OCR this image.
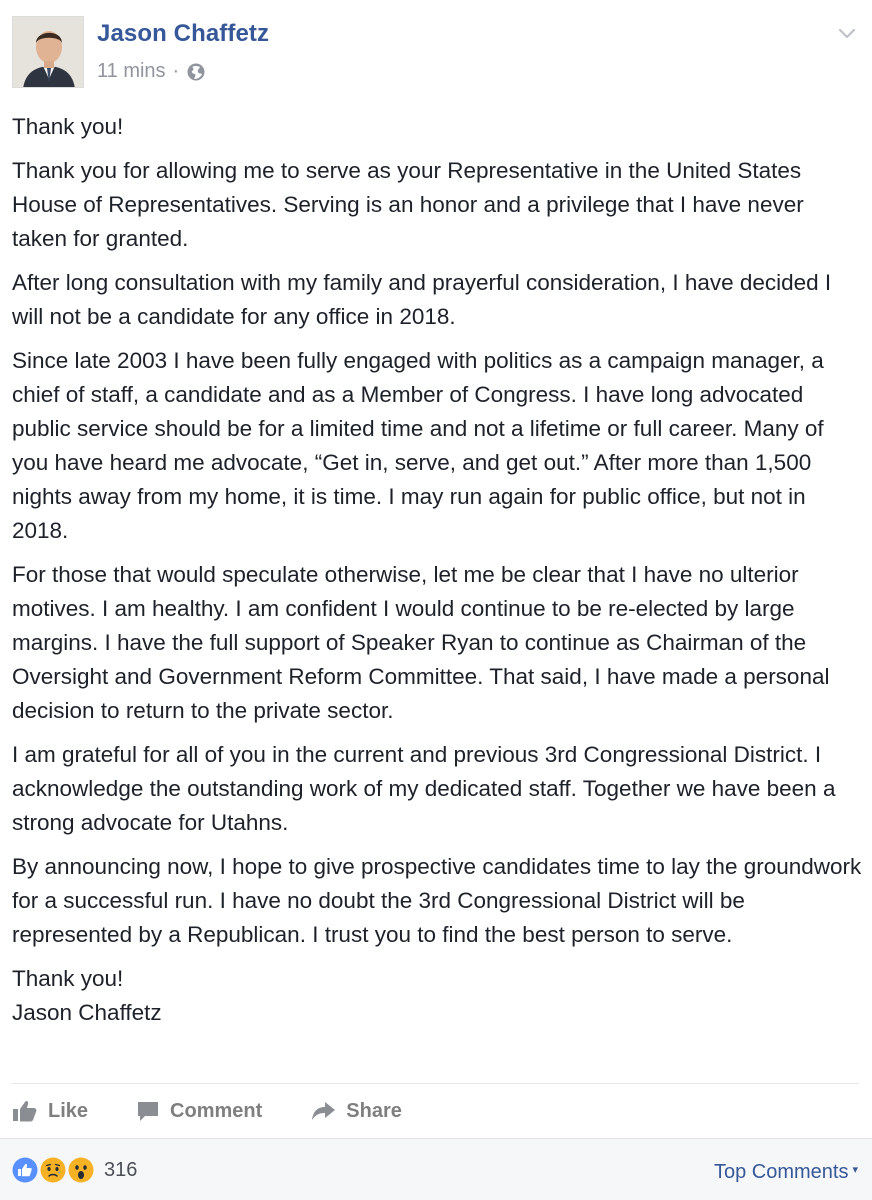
Jason Chaffetz
11 mins ·

Thank you!

Thank you for allowing me to serve as your Representative in the United States House of Representatives. Serving is an honor and a privilege that I have never taken for granted.

After long consultation with my family and prayerful consideration, I have decided I will not be a candidate for any office in 2018.

Since late 2003 I have been fully engaged with politics as a campaign manager, a chief of staff, a candidate and as a Member of Congress. I have long advocated public service should be for a limited time and not a lifetime or full career. Many of you have heard me advocate, “Get in, serve, and get out.” After more than 1,500 nights away from my home, it is time. I may run again for public office, but not in 2018.

For those that would speculate otherwise, let me be clear that I have no ulterior motives. I am healthy. I am confident I would continue to be re-elected by large margins. I have the full support of Speaker Ryan to continue as Chairman of the Oversight and Government Reform Committee. That said, I have made a personal decision to return to the private sector.

I am grateful for all of you in the current and previous 3rd Congressional District. I acknowledge the outstanding work of my dedicated staff. Together we have been a strong advocate for Utahns.

By announcing now, I hope to give prospective candidates time to lay the groundwork for a successful run. I have no doubt the 3rd Congressional District will be represented by a Republican. I trust you to find the best person to serve.

Thank you!
Jason Chaffetz

Like	Comment	Share
316	Top Comments ▾
